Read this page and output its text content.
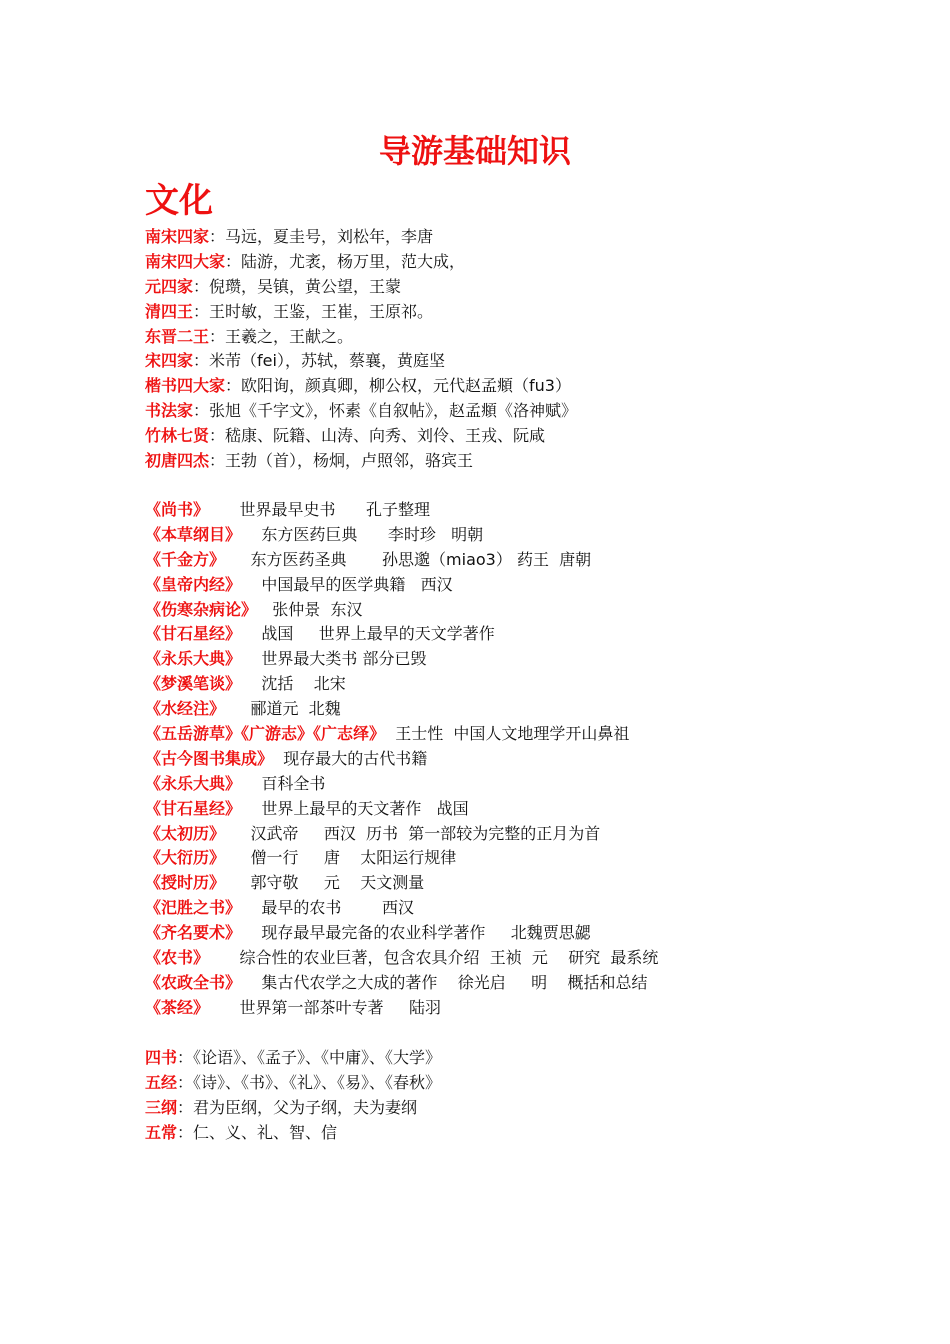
导游基础知识
文化
南宋四家：马远，夏圭号，刘松年，李唐
南宋四大家：陆游，尤袤，杨万里，范大成，
元四家：倪瓒，吴镇，黄公望，王蒙
清四王：王时敏，王鉴，王崔，王原祁。
东晋二王：王羲之，王献之。
宋四家：米芾（fei），苏轼，蔡襄，黄庭坚
楷书四大家：欧阳询，颜真卿，柳公权，元代赵孟頫（fu3）
书法家：张旭《千字文》，怀素《自叙帖》，赵孟頫《洛神赋》
竹林七贤：嵇康、阮籍、山涛、向秀、刘伶、王戎、阮咸
初唐四杰：王勃（首），杨炯，卢照邻，骆宾王
《尚书》      世界最早史书      孔子整理
《本草纲目》    东方医药巨典      李时珍   明朝
《千金方》     东方医药圣典       孙思邈（miao3） 药王  唐朝
《皇帝内经》    中国最早的医学典籍   西汉
《伤寒杂病论》   张仲景  东汉
《甘石星经》    战国     世界上最早的天文学著作
《永乐大典》    世界最大类书 部分已毁
《梦溪笔谈》    沈括    北宋
《水经注》     郦道元  北魏
《五岳游草》《广游志》《广志绎》  王士性  中国人文地理学开山鼻祖
《古今图书集成》  现存最大的古代书籍
《永乐大典》    百科全书
《甘石星经》    世界上最早的天文著作   战国
《太初历》     汉武帝     西汉  历书  第一部较为完整的正月为首
《大衍历》     僧一行     唐    太阳运行规律
《授时历》     郭守敬     元    天文测量
《汜胜之书》    最早的农书        西汉
《齐名要术》    现存最早最完备的农业科学著作     北魏贾思勰
《农书》      综合性的农业巨著，包含农具介绍  王祯  元    研究  最系统
《农政全书》    集古代农学之大成的著作    徐光启     明    概括和总结
《茶经》      世界第一部茶叶专著     陆羽
四书：《论语》、《孟子》、《中庸》、《大学》
五经：《诗》、《书》、《礼》、《易》、《春秋》
三纲：君为臣纲，父为子纲，夫为妻纲
五常：仁、义、礼、智、信
